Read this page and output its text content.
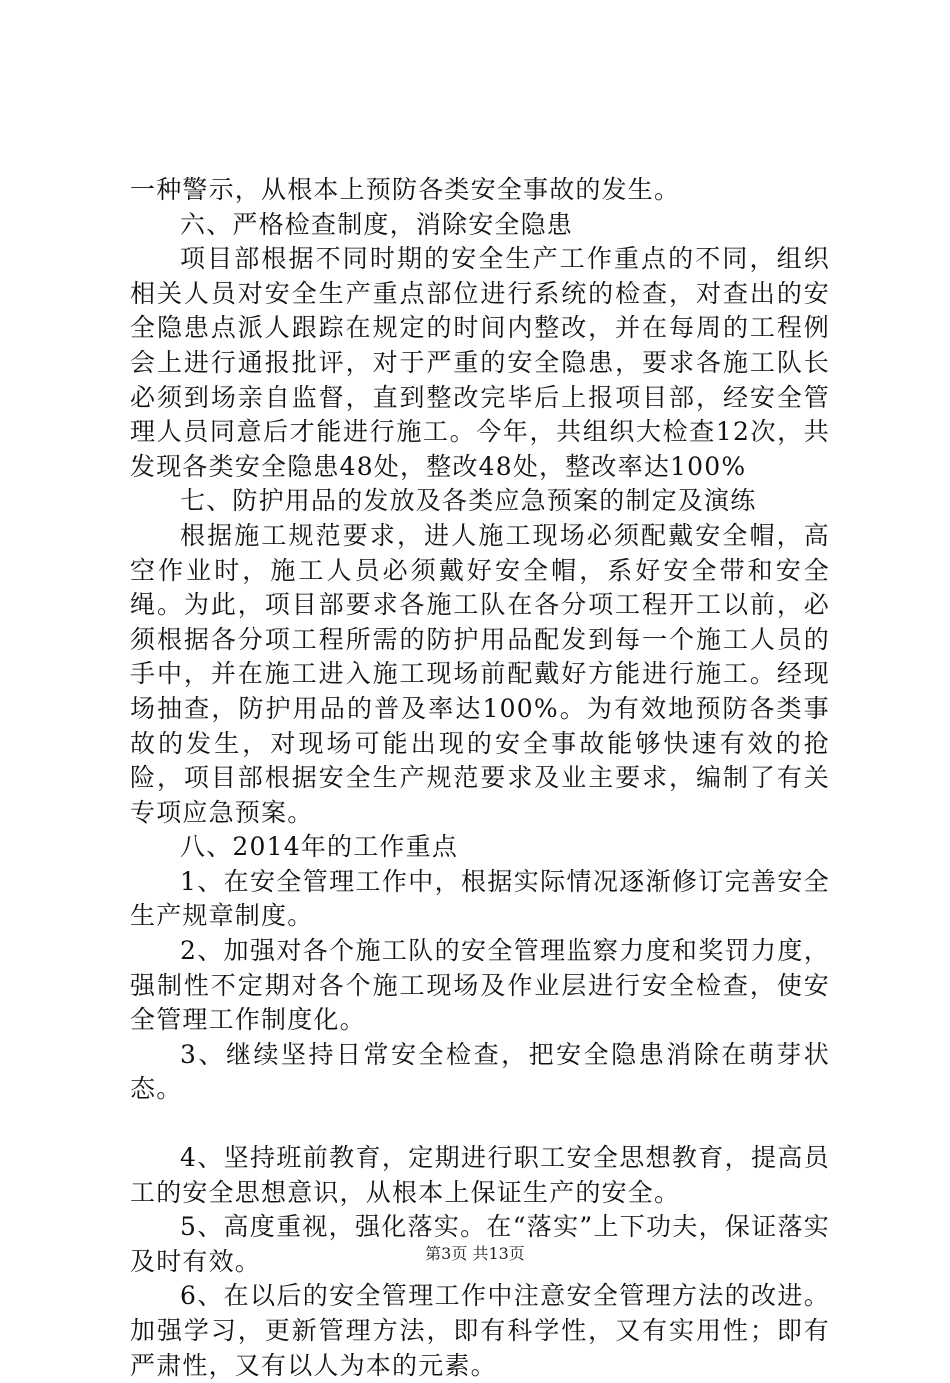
一种警示，从根本上预防各类安全事故的发生。

六、严格检查制度，消除安全隐患

项目部根据不同时期的安全生产工作重点的不同，组织相关人员对安全生产重点部位进行系统的检查，对查出的安全隐患点派人跟踪在规定的时间内整改，并在每周的工程例会上进行通报批评，对于严重的安全隐患，要求各施工队长必须到场亲自监督，直到整改完毕后上报项目部，经安全管理人员同意后才能进行施工。今年，共组织大检查12次，共发现各类安全隐患48处，整改48处，整改率达100%

七、防护用品的发放及各类应急预案的制定及演练

根据施工规范要求，进人施工现场必须配戴安全帽，高空作业时，施工人员必须戴好安全帽，系好安全带和安全绳。为此，项目部要求各施工队在各分项工程开工以前，必须根据各分项工程所需的防护用品配发到每一个施工人员的手中，并在施工进入施工现场前配戴好方能进行施工。经现场抽查，防护用品的普及率达100%。为有效地预防各类事故的发生，对现场可能出现的安全事故能够快速有效的抢险，项目部根据安全生产规范要求及业主要求，编制了有关专项应急预案。

八、2014年的工作重点

1、在安全管理工作中，根据实际情况逐渐修订完善安全生产规章制度。

2、加强对各个施工队的安全管理监察力度和奖罚力度，强制性不定期对各个施工现场及作业层进行安全检查，使安全管理工作制度化。

3、继续坚持日常安全检查，把安全隐患消除在萌芽状态。

4、坚持班前教育，定期进行职工安全思想教育，提高员工的安全思想意识，从根本上保证生产的安全。

5、高度重视，强化落实。在“落实”上下功夫，保证落实及时有效。

6、在以后的安全管理工作中注意安全管理方法的改进。加强学习，更新管理方法，即有科学性，又有实用性；即有严肃性，又有以人为本的元素。

第3页 共13页
